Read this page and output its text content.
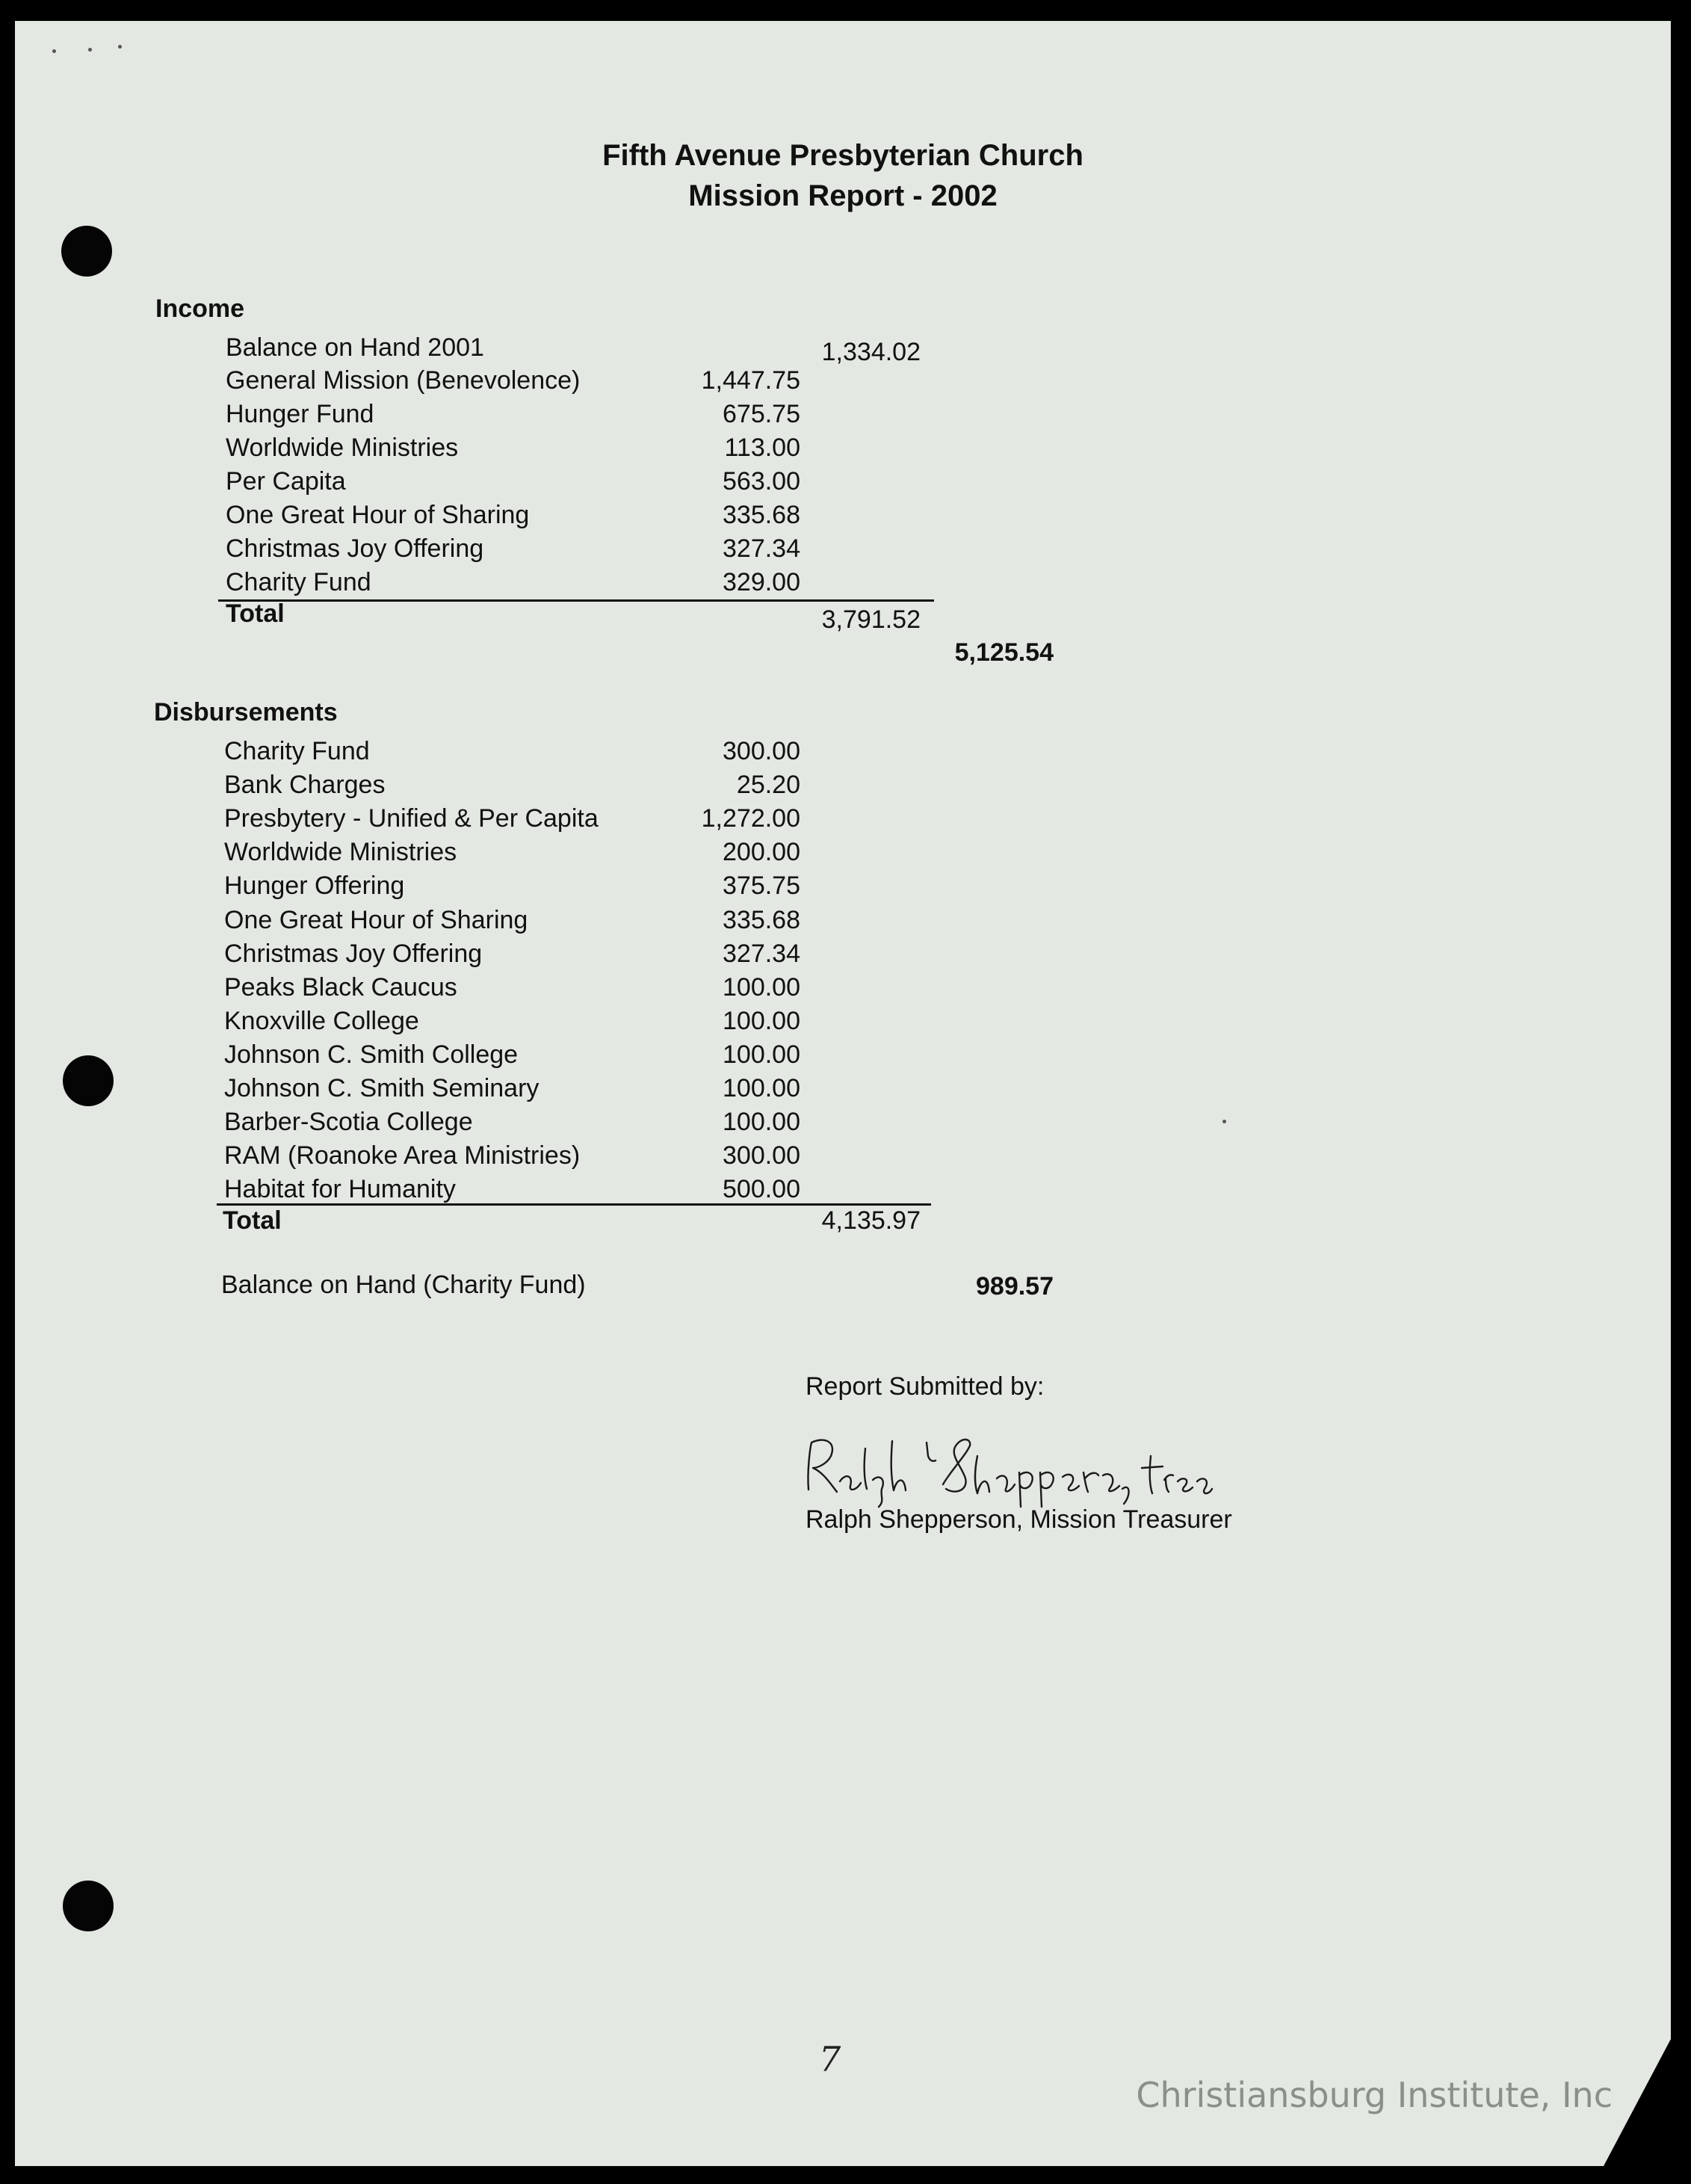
Fifth Avenue Presbyterian Church
Mission Report - 2002
Income
Balance on Hand 2001	1,334.02
General Mission (Benevolence)	1,447.75
Hunger Fund	675.75
Worldwide Ministries	113.00
Per Capita	563.00
One Great Hour of Sharing	335.68
Christmas Joy Offering	327.34
Charity Fund	329.00
Total	3,791.52
5,125.54
Disbursements
Charity Fund	300.00
Bank Charges	25.20
Presbytery - Unified & Per Capita	1,272.00
Worldwide Ministries	200.00
Hunger Offering	375.75
One Great Hour of Sharing	335.68
Christmas Joy Offering	327.34
Peaks Black Caucus	100.00
Knoxville College	100.00
Johnson C. Smith College	100.00
Johnson C. Smith Seminary	100.00
Barber-Scotia College	100.00
RAM (Roanoke Area Ministries)	300.00
Habitat for Humanity	500.00
Total	4,135.97
Balance on Hand (Charity Fund)	989.57
Report Submitted by:
Ralph Shepperson, Mission Treasurer
7
Christiansburg Institute, Inc
